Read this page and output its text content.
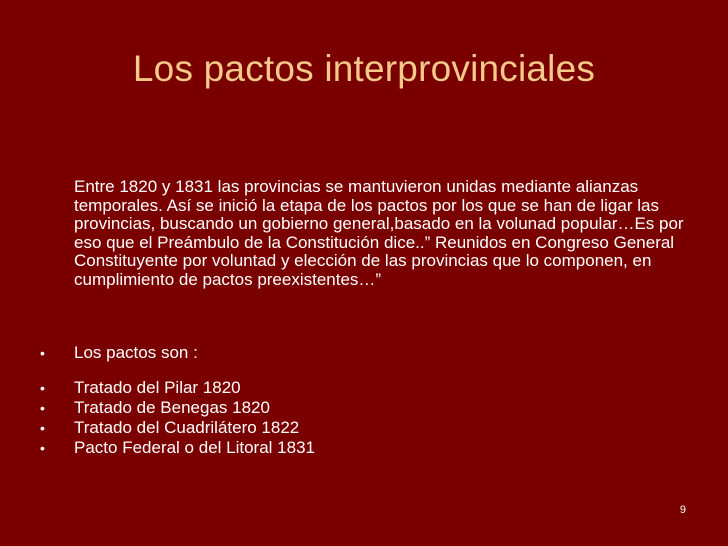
Los pactos interprovinciales

Entre 1820 y 1831 las provincias se mantuvieron unidas mediante alianzas temporales. Así se inició la etapa de los pactos por los que se han de ligar las provincias, buscando un gobierno general,basado en la volunad popular…Es por eso que el Preámbulo de la Constitución dice..” Reunidos en Congreso General Constituyente por voluntad y elección de las provincias que lo componen, en cumplimiento de pactos preexistentes…”

• Los pactos son :
• Tratado del Pilar 1820
• Tratado de Benegas 1820
• Tratado del Cuadrilátero 1822
• Pacto Federal o del Litoral 1831
9
